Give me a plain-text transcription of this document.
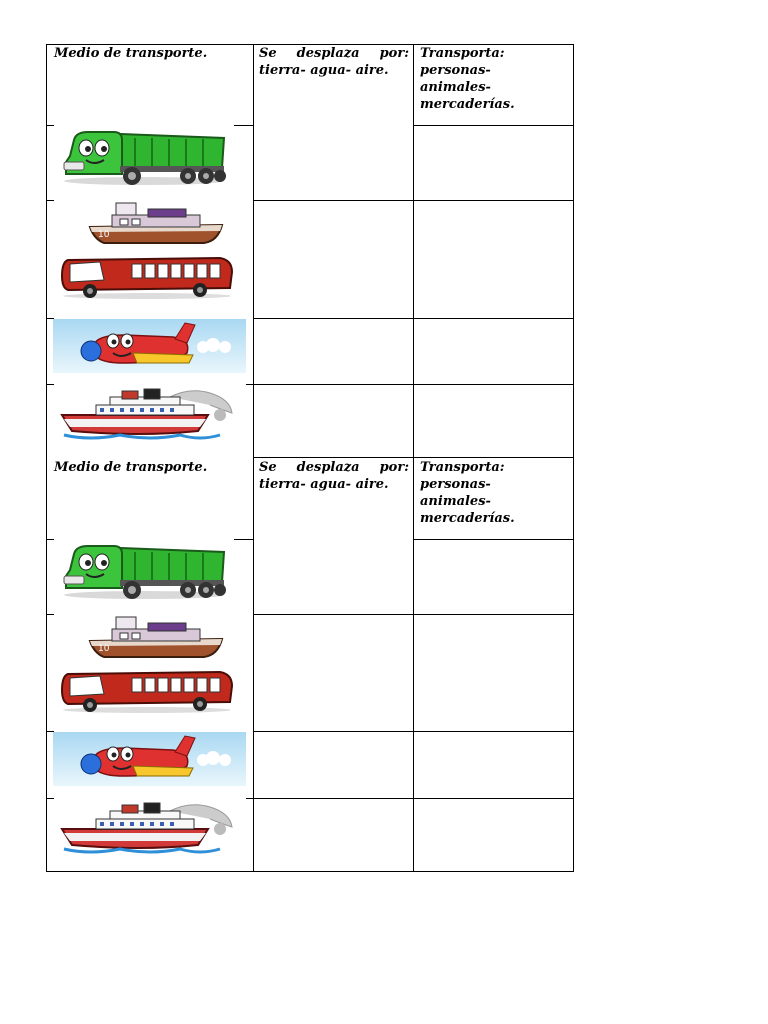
Medio de transporte.	Se desplaza por:
tierra- agua- aire.
Transporta:
personas-
animales-
mercaderías.
10
Medio de transporte.	Se desplaza por:
tierra- agua- aire.
Transporta:
personas-
animales-
mercaderías.
10
